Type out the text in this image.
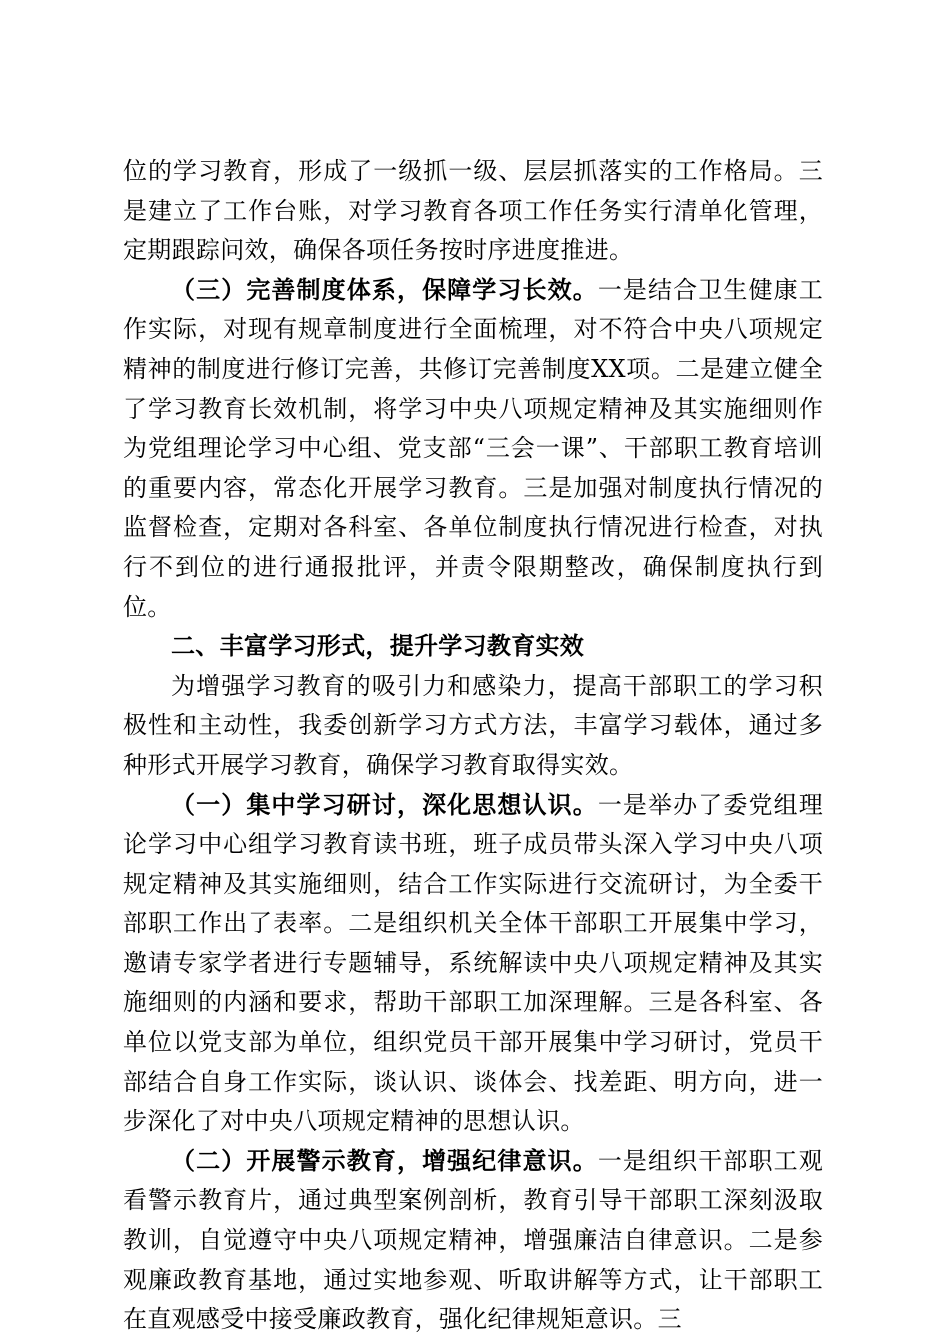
位的学习教育，形成了一级抓一级、层层抓落实的工作格局。三是建立了工作台账，对学习教育各项工作任务实行清单化管理，定期跟踪问效，确保各项任务按时序进度推进。

（三）完善制度体系，保障学习长效。一是结合卫生健康工作实际，对现有规章制度进行全面梳理，对不符合中央八项规定精神的制度进行修订完善，共修订完善制度XX项。二是建立健全了学习教育长效机制，将学习中央八项规定精神及其实施细则作为党组理论学习中心组、党支部“三会一课”、干部职工教育培训的重要内容，常态化开展学习教育。三是加强对制度执行情况的监督检查，定期对各科室、各单位制度执行情况进行检查，对执行不到位的进行通报批评，并责令限期整改，确保制度执行到位。

二、丰富学习形式，提升学习教育实效

为增强学习教育的吸引力和感染力，提高干部职工的学习积极性和主动性，我委创新学习方式方法，丰富学习载体，通过多种形式开展学习教育，确保学习教育取得实效。

（一）集中学习研讨，深化思想认识。一是举办了委党组理论学习中心组学习教育读书班，班子成员带头深入学习中央八项规定精神及其实施细则，结合工作实际进行交流研讨，为全委干部职工作出了表率。二是组织机关全体干部职工开展集中学习，邀请专家学者进行专题辅导，系统解读中央八项规定精神及其实施细则的内涵和要求，帮助干部职工加深理解。三是各科室、各单位以党支部为单位，组织党员干部开展集中学习研讨，党员干部结合自身工作实际，谈认识、谈体会、找差距、明方向，进一步深化了对中央八项规定精神的思想认识。

（二）开展警示教育，增强纪律意识。一是组织干部职工观看警示教育片，通过典型案例剖析，教育引导干部职工深刻汲取教训，自觉遵守中央八项规定精神，增强廉洁自律意识。二是参观廉政教育基地，通过实地参观、听取讲解等方式，让干部职工在直观感受中接受廉政教育，强化纪律规矩意识。三
